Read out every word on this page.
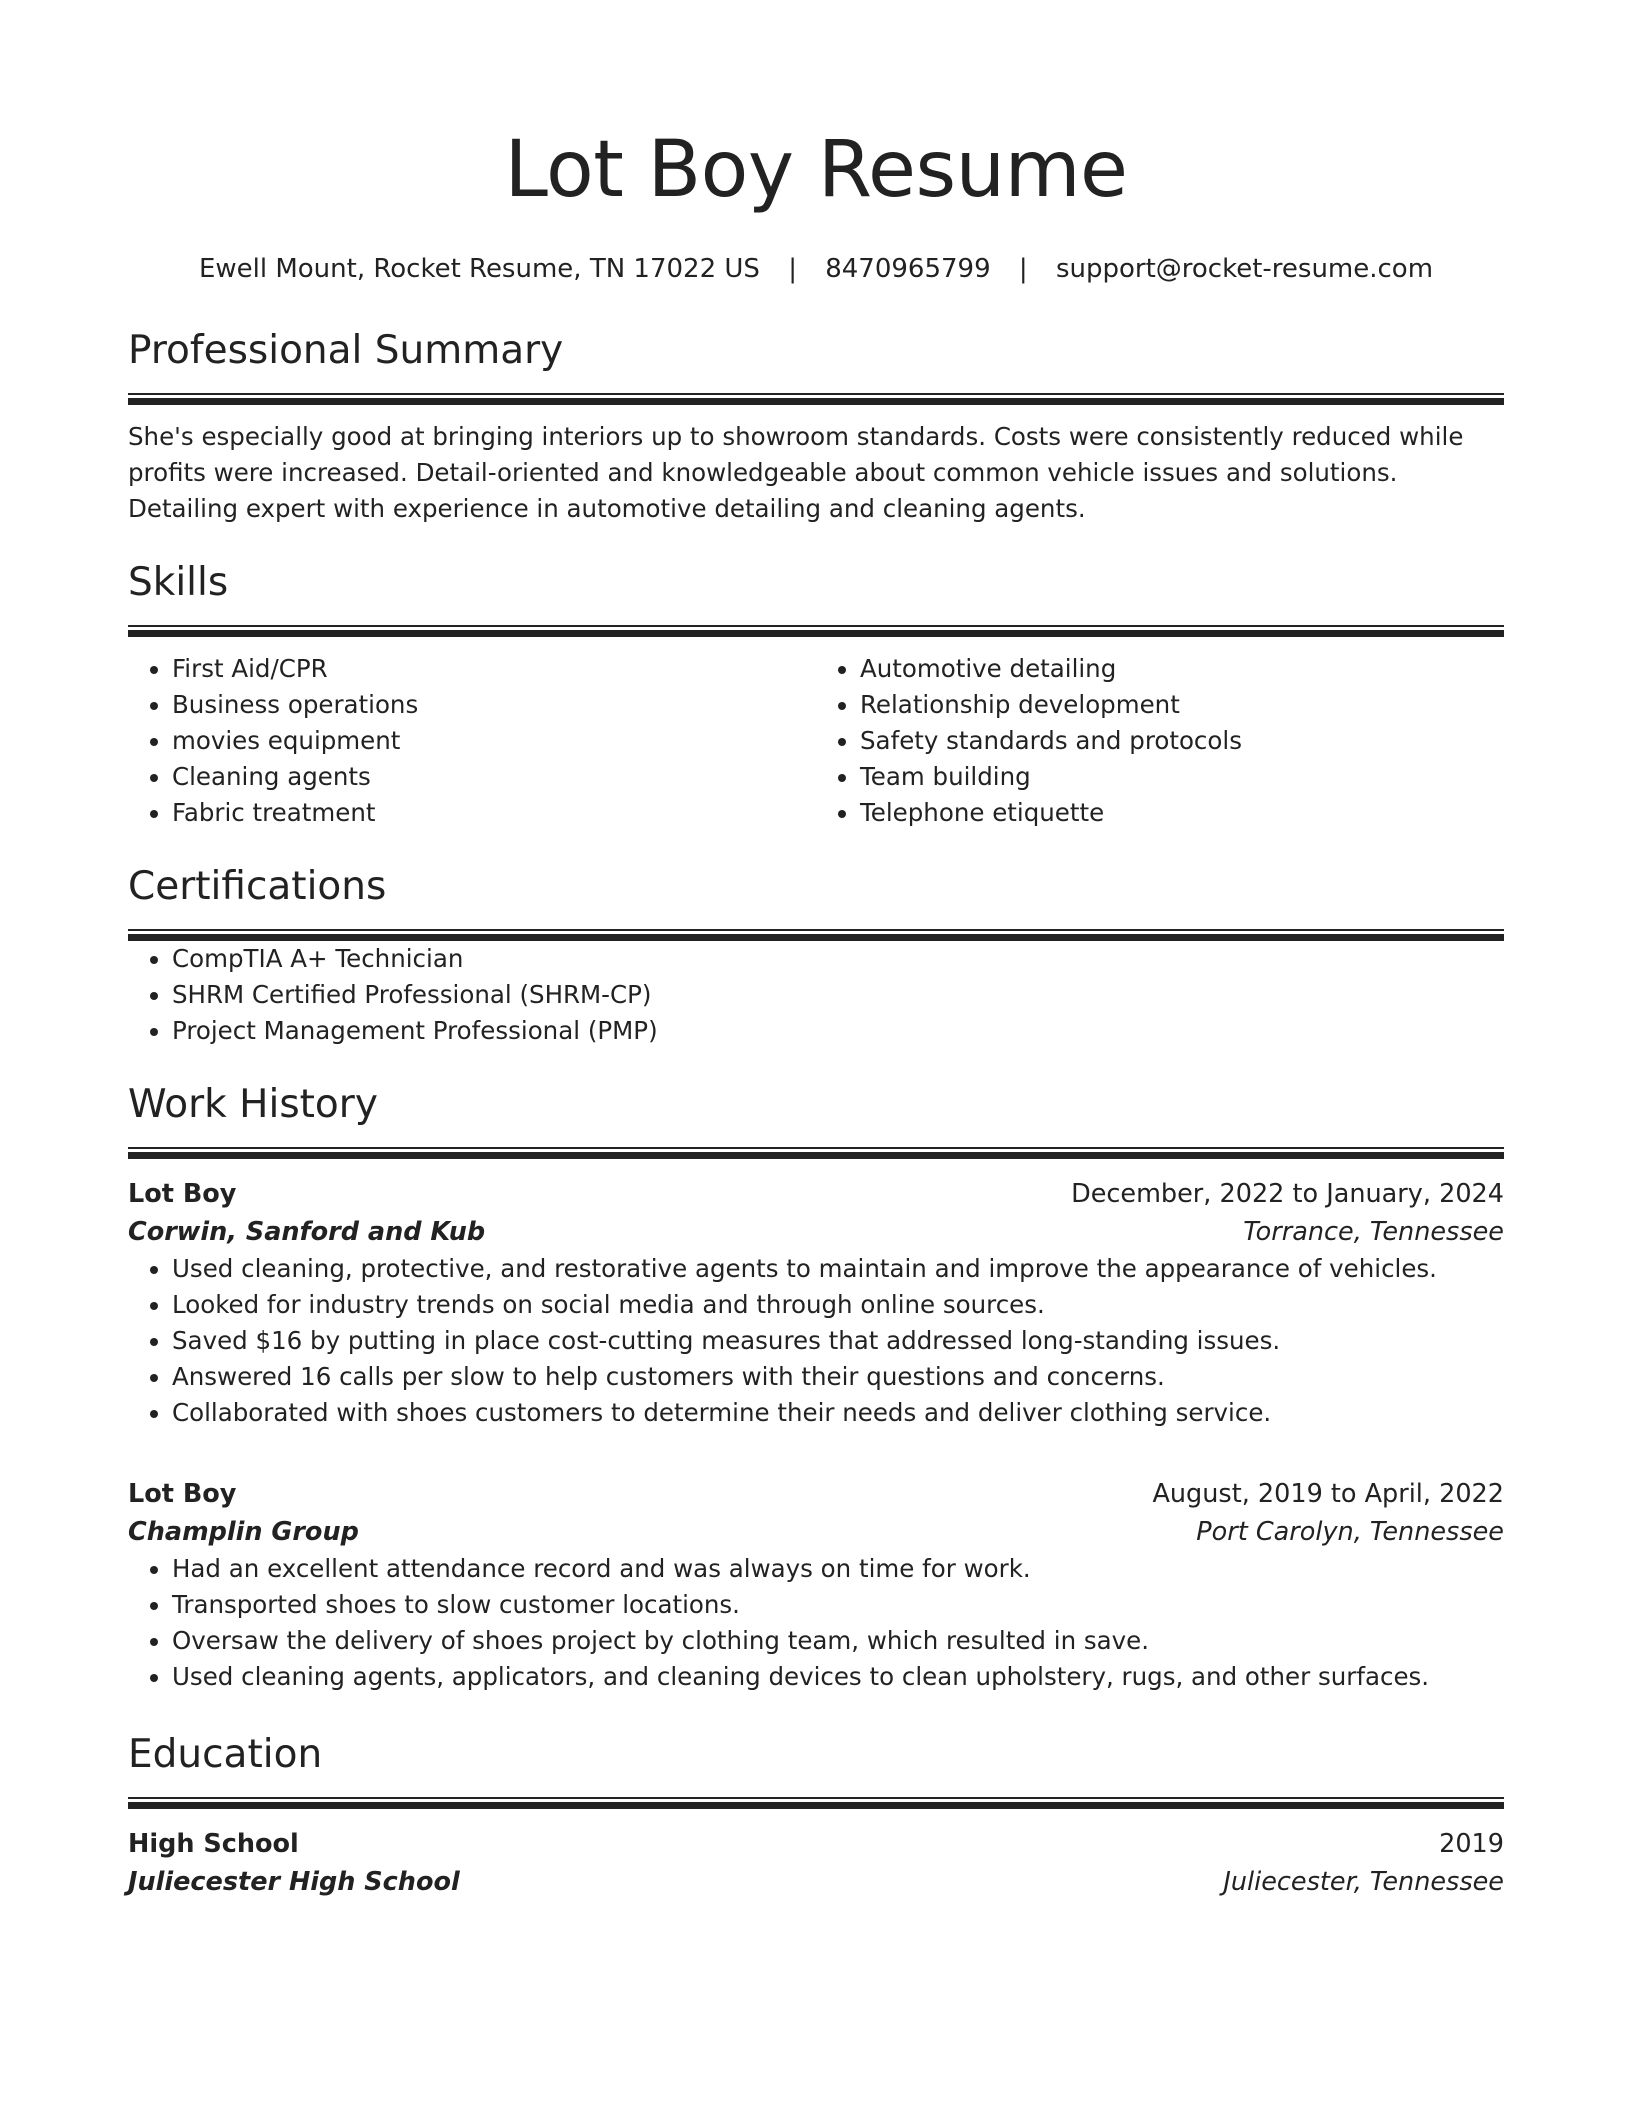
Lot Boy Resume
Ewell Mount, Rocket Resume, TN 17022 US | 8470965799 | support@rocket-resume.com
Professional Summary

She's especially good at bringing interiors up to showroom standards. Costs were consistently reduced while profits were increased. Detail-oriented and knowledgeable about common vehicle issues and solutions. Detailing expert with experience in automotive detailing and cleaning agents.

Skills
• First Aid/CPR
• Business operations
• movies equipment
• Cleaning agents
• Fabric treatment
• Automotive detailing
• Relationship development
• Safety standards and protocols
• Team building
• Telephone etiquette
Certifications
• CompTIA A+ Technician
• SHRM Certified Professional (SHRM-CP)
• Project Management Professional (PMP)
Work History
Lot Boy	December, 2022 to January, 2024
Corwin, Sanford and Kub	Torrance, Tennessee
• Used cleaning, protective, and restorative agents to maintain and improve the appearance of vehicles.
• Looked for industry trends on social media and through online sources.
• Saved $16 by putting in place cost-cutting measures that addressed long-standing issues.
• Answered 16 calls per slow to help customers with their questions and concerns.
• Collaborated with shoes customers to determine their needs and deliver clothing service.
Lot Boy	August, 2019 to April, 2022
Champlin Group	Port Carolyn, Tennessee
• Had an excellent attendance record and was always on time for work.
• Transported shoes to slow customer locations.
• Oversaw the delivery of shoes project by clothing team, which resulted in save.
• Used cleaning agents, applicators, and cleaning devices to clean upholstery, rugs, and other surfaces.
Education
High School	2019
Juliecester High School	Juliecester, Tennessee
